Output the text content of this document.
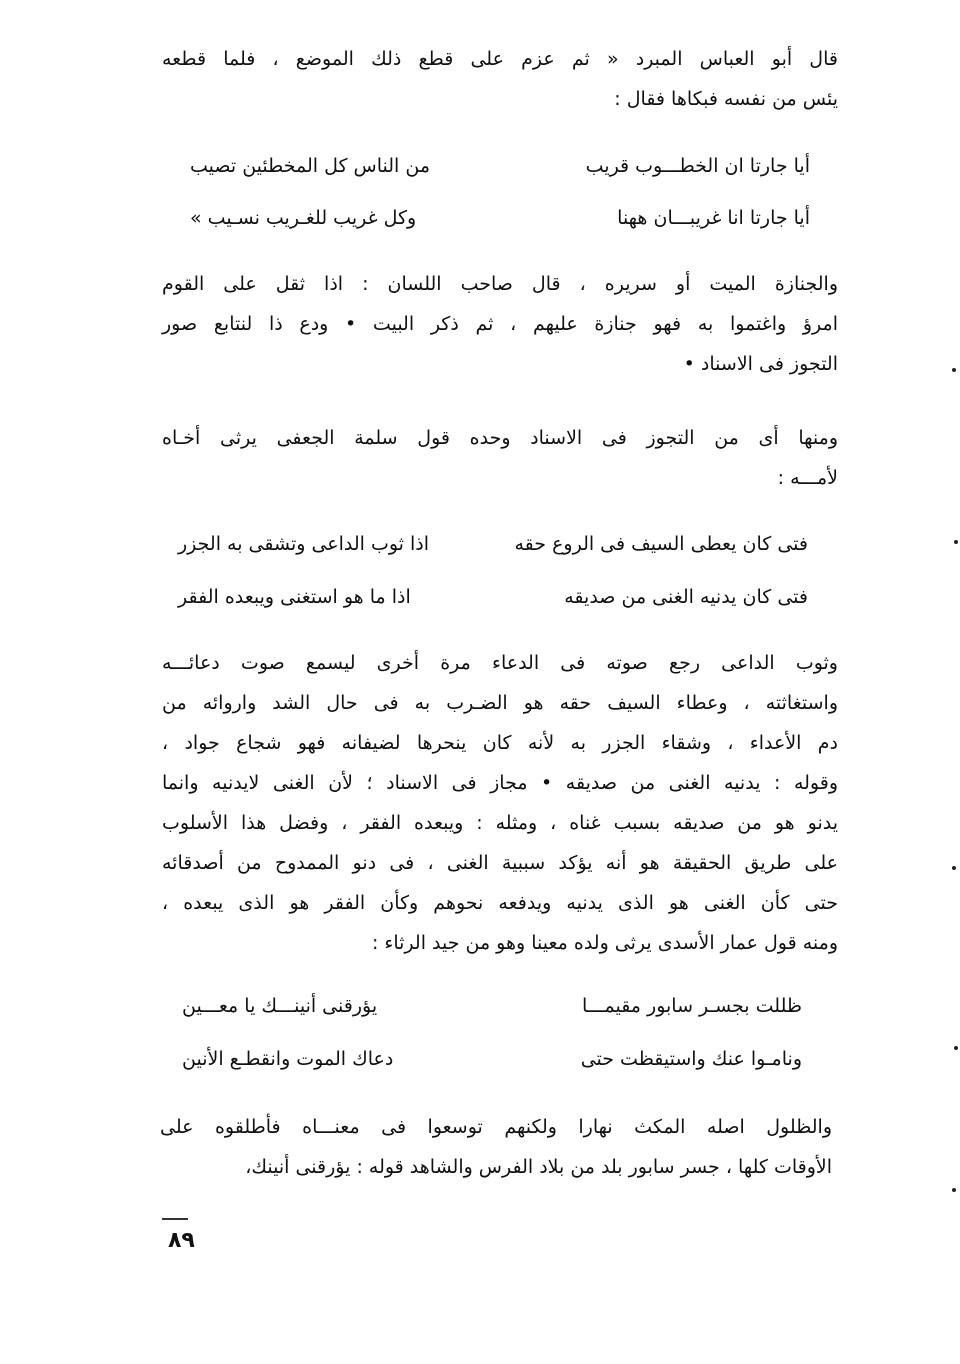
قال أبو العباس المبرد « ثم عزم على قطع ذلك الموضع ، فلما قطعه
يئس من نفسه فبكاها فقال :
أيا جارتا ان الخطـــوب قريب
من الناس كل المخطئين تصيب
أيا جارتا انا غريبـــان ههنا
وكل غريب للغـريب نسـيب »
والجنازة الميت أو سريره ، قال صاحب اللسان : اذا ثقل على القوم
امرؤ واغتموا به فهو جنازة عليهم ، ثم ذكر البيت • ودع ذا لنتابع صور
التجوز فى الاسناد •
ومنها أى من التجوز فى الاسناد وحده قول سلمة الجعفى يرثى أخـاه
لأمـــه :
فتى كان يعطى السيف فى الروع حقه
اذا ثوب الداعى وتشقى به الجزر
فتى كان يدنيه الغنى من صديقه
اذا ما هو استغنى ويبعده الفقر
وثوب الداعى رجع صوته فى الدعاء مرة أخرى ليسمع صوت دعائـــه
واستغاثته ، وعطاء السيف حقه هو الضـرب به فى حال الشد واروائه من
دم الأعداء ، وشقاء الجزر به لأنه كان ينحرها لضيفانه فهو شجاع جواد ،
وقوله : يدنيه الغنى من صديقه • مجاز فى الاسناد ؛ لأن الغنى لايدنيه وانما
يدنو هو من صديقه بسبب غناه ، ومثله : ويبعده الفقر ، وفضل هذا الأسلوب
على طريق الحقيقة هو أنه يؤكد سببية الغنى ، فى دنو الممدوح من أصدقائه
حتى كأن الغنى هو الذى يدنيه ويدفعه نحوهم وكأن الفقر هو الذى يبعده ،
ومنه قول عمار الأسدى يرثى ولده معينا وهو من جيد الرثاء :
ظللت بجسـر سابور مقيمـــا
يؤرقنى أنينـــك يا معـــين
ونامـوا عنك واستيقظت حتى
دعاك الموت وانقطـع الأنين
والظلول اصله المكث نهارا ولكنهم توسعوا فى معنـــاه فأطلقوه على
الأوقات كلها ، جسر سابور بلد من بلاد الفرس والشاهد قوله : يؤرقنى أنينك،
٨٩
